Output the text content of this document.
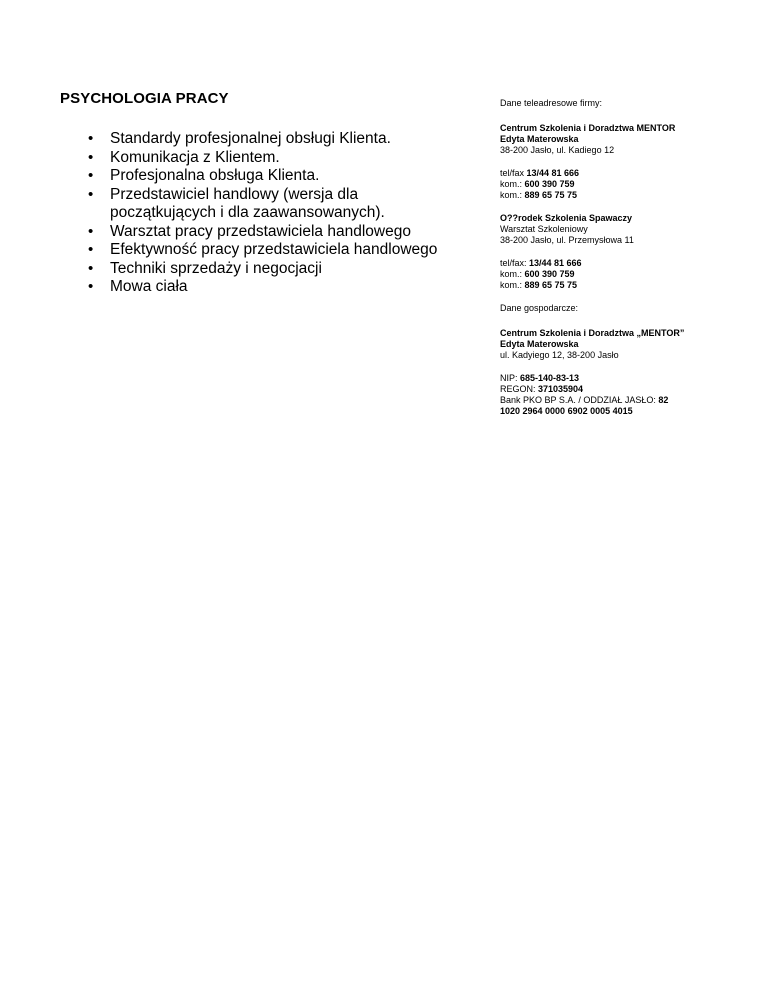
PSYCHOLOGIA PRACY
• Standardy profesjonalnej obsługi Klienta.
• Komunikacja z Klientem.
• Profesjonalna obsługa Klienta.
• Przedstawiciel handlowy (wersja dla
początkujących i dla zaawansowanych).
• Warsztat pracy przedstawiciela handlowego
• Efektywność pracy przedstawiciela handlowego
• Techniki sprzedaży i negocjacji
• Mowa ciała
Dane teleadresowe firmy:
Centrum Szkolenia i Doradztwa MENTOR
Edyta Materowska
38-200 Jasło, ul. Kadiego 12
tel/fax 13/44 81 666
kom.: 600 390 759
kom.: 889 65 75 75
O??rodek Szkolenia Spawaczy
Warsztat Szkoleniowy
38-200 Jasło, ul. Przemysłowa 11
tel/fax: 13/44 81 666
kom.: 600 390 759
kom.: 889 65 75 75
Dane gospodarcze:
Centrum Szkolenia i Doradztwa „MENTOR”
Edyta Materowska
ul. Kadyiego 12, 38-200 Jasło
NIP: 685-140-83-13
REGON: 371035904
Bank PKO BP S.A. / ODDZIAŁ JASŁO: 82
1020 2964 0000 6902 0005 4015
